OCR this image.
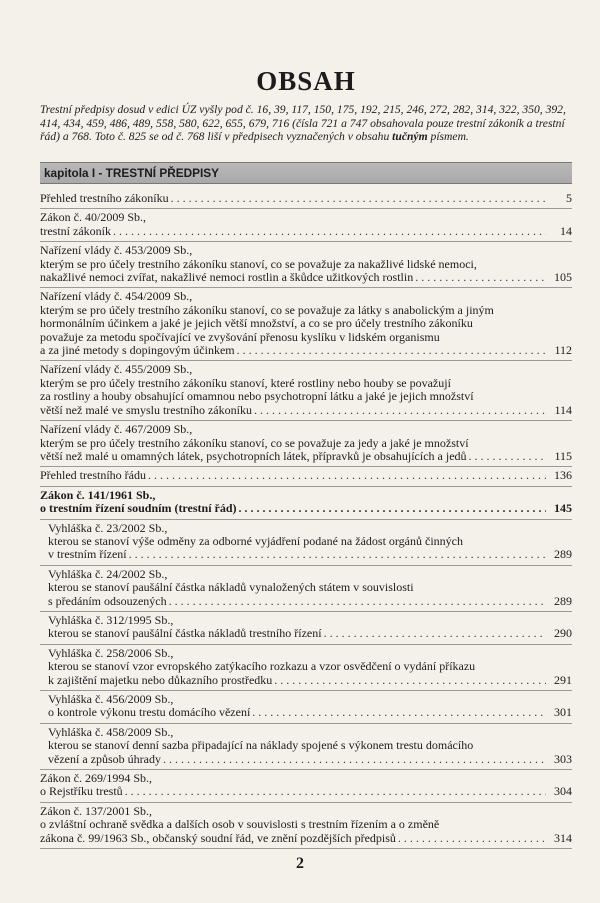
OBSAH

Trestní předpisy dosud v edici ÚZ vyšly pod č. 16, 39, 117, 150, 175, 192, 215, 246, 272, 282, 314, 322, 350, 392, 414, 434, 459, 486, 489, 558, 580, 622, 655, 679, 716 (čísla 721 a 747 obsahovala pouze trestní zákoník a trestní řád) a 768. Toto č. 825 se od č. 768 liší v předpisech vyznačených v obsahu tučným písmem.

kapitola I - TRESTNÍ PŘEDPISY
Přehled trestního zákoníku . . .	5
Zákon č. 40/2009 Sb.,
trestní zákoník . . .	14
Nařízení vlády č. 453/2009 Sb.,
kterým se pro účely trestního zákoníku stanoví, co se považuje za nakažlivé lidské nemoci,
nakažlivé nemoci zvířat, nakažlivé nemoci rostlin a škůdce užitkových rostlin . . .	105
Nařízení vlády č. 454/2009 Sb.,
kterým se pro účely trestního zákoníku stanoví, co se považuje za látky s anabolickým a jiným
hormonálním účinkem a jaké je jejich větší množství, a co se pro účely trestního zákoníku
považuje za metodu spočívající ve zvyšování přenosu kyslíku v lidském organismu
a za jiné metody s dopingovým účinkem . . .	112
Nařízení vlády č. 455/2009 Sb.,
kterým se pro účely trestního zákoníku stanoví, které rostliny nebo houby se považují
za rostliny a houby obsahující omamnou nebo psychotropní látku a jaké je jejich množství
větší než malé ve smyslu trestního zákoníku . . .	114
Nařízení vlády č. 467/2009 Sb.,
kterým se pro účely trestního zákoníku stanoví, co se považuje za jedy a jaké je množství
větší než malé u omamných látek, psychotropních látek, přípravků je obsahujících a jedů . . .	115
Přehled trestního řádu . . .	136
Zákon č. 141/1961 Sb.,
o trestním řízení soudním (trestní řád) . . .	145
Vyhláška č. 23/2002 Sb.,
kterou se stanoví výše odměny za odborné vyjádření podané na žádost orgánů činných
v trestním řízení . . .	289
Vyhláška č. 24/2002 Sb.,
kterou se stanoví paušální částka nákladů vynaložených státem v souvislosti
s předáním odsouzených . . .	289
Vyhláška č. 312/1995 Sb.,
kterou se stanoví paušální částka nákladů trestního řízení . . .	290
Vyhláška č. 258/2006 Sb.,
kterou se stanoví vzor evropského zatýkacího rozkazu a vzor osvědčení o vydání příkazu
k zajištění majetku nebo důkazního prostředku . . .	291
Vyhláška č. 456/2009 Sb.,
o kontrole výkonu trestu domácího vězení . . .	301
Vyhláška č. 458/2009 Sb.,
kterou se stanoví denní sazba připadající na náklady spojené s výkonem trestu domácího
vězení a způsob úhrady . . .	303
Zákon č. 269/1994 Sb.,
o Rejstříku trestů . . .	304
Zákon č. 137/2001 Sb.,
o zvláštní ochraně svědka a dalších osob v souvislosti s trestním řízením a o změně
zákona č. 99/1963 Sb., občanský soudní řád, ve znění pozdějších předpisů . . .	314
2
